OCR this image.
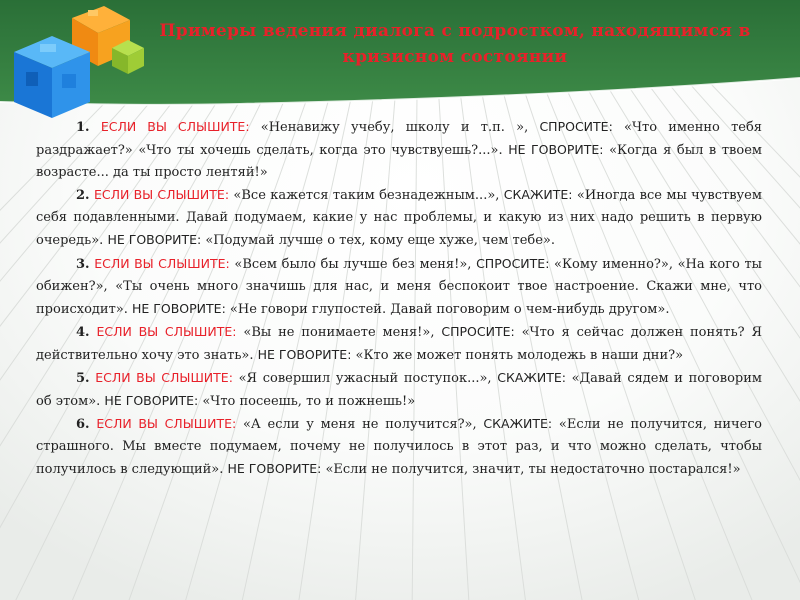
Примеры ведения диалога с подростком, находящимся в кризисном состоянии

1. ЕСЛИ ВЫ СЛЫШИТЕ: «Ненавижу учебу, школу и т.п. », СПРОСИТЕ: «Что именно тебя раздражает?» «Что ты хочешь сделать, когда это чувствуешь?...». НЕ ГОВОРИТЕ: «Когда я был в твоем возрасте... да ты просто лентяй!»

2. ЕСЛИ ВЫ СЛЫШИТЕ: «Все кажется таким безнадежным...», СКАЖИТЕ: «Иногда все мы чувствуем себя подавленными. Давай подумаем, какие у нас проблемы, и какую из них надо решить в первую очередь». НЕ ГОВОРИТЕ: «Подумай лучше о тех, кому еще хуже, чем тебе».

3. ЕСЛИ ВЫ СЛЫШИТЕ: «Всем было бы лучше без меня!», СПРОСИТЕ: «Кому именно?», «На кого ты обижен?», «Ты очень много значишь для нас, и меня беспокоит твое настроение. Скажи мне, что происходит». НЕ ГОВОРИТЕ: «Не говори глупостей. Давай поговорим о чем-нибудь другом».

4. ЕСЛИ ВЫ СЛЫШИТЕ: «Вы не понимаете меня!», СПРОСИТЕ: «Что я сейчас должен понять? Я действительно хочу это знать». НЕ ГОВОРИТЕ: «Кто же может понять молодежь в наши дни?»

5. ЕСЛИ ВЫ СЛЫШИТЕ: «Я совершил ужасный поступок...», СКАЖИТЕ: «Давай сядем и поговорим об этом». НЕ ГОВОРИТЕ: «Что посеешь, то и пожнешь!»

6. ЕСЛИ ВЫ СЛЫШИТЕ: «А если у меня не получится?», СКАЖИТЕ: «Если не получится, ничего страшного. Мы вместе подумаем, почему не получилось в этот раз, и что можно сделать, чтобы получилось в следующий». НЕ ГОВОРИТЕ: «Если не получится, значит, ты недостаточно постарался!»
